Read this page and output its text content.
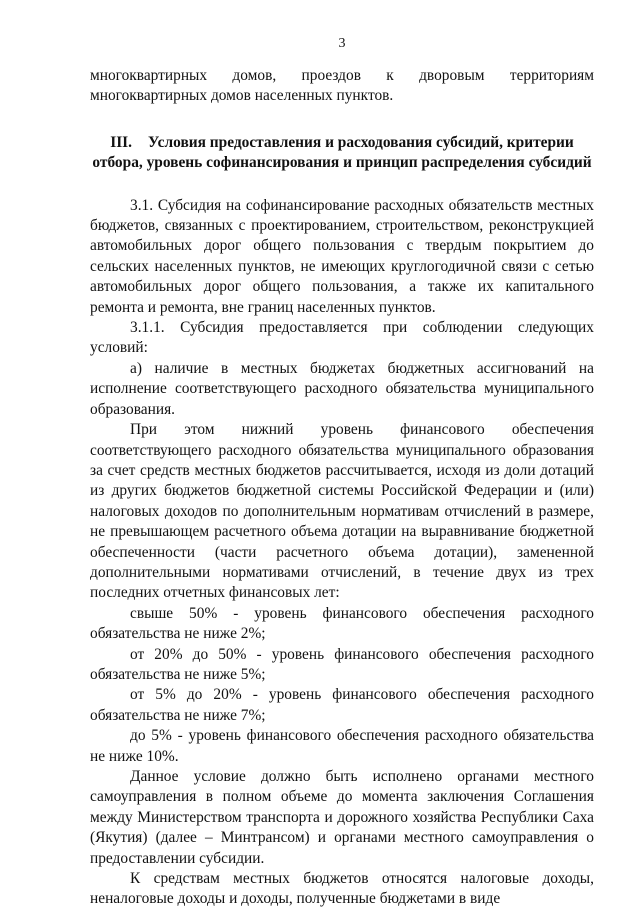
3

многоквартирных домов, проездов к дворовым территориям многоквартирных домов населенных пунктов.

III. Условия предоставления и расходования субсидий, критерии отбора, уровень софинансирования и принцип распределения субсидий

3.1. Субсидия на софинансирование расходных обязательств местных бюджетов, связанных с проектированием, строительством, реконструкцией автомобильных дорог общего пользования с твердым покрытием до сельских населенных пунктов, не имеющих круглогодичной связи с сетью автомобильных дорог общего пользования, а также их капитального ремонта и ремонта, вне границ населенных пунктов.

3.1.1. Субсидия предоставляется при соблюдении следующих условий:

а) наличие в местных бюджетах бюджетных ассигнований на исполнение соответствующего расходного обязательства муниципального образования.

При этом нижний уровень финансового обеспечения соответствующего расходного обязательства муниципального образования за счет средств местных бюджетов рассчитывается, исходя из доли дотаций из других бюджетов бюджетной системы Российской Федерации и (или) налоговых доходов по дополнительным нормативам отчислений в размере, не превышающем расчетного объема дотации на выравнивание бюджетной обеспеченности (части расчетного объема дотации), замененной дополнительными нормативами отчислений, в течение двух из трех последних отчетных финансовых лет:

свыше 50% - уровень финансового обеспечения расходного обязательства не ниже 2%;

от 20% до 50% - уровень финансового обеспечения расходного обязательства не ниже 5%;

от 5% до 20% - уровень финансового обеспечения расходного обязательства не ниже 7%;

до 5% - уровень финансового обеспечения расходного обязательства не ниже 10%.

Данное условие должно быть исполнено органами местного самоуправления в полном объеме до момента заключения Соглашения между Министерством транспорта и дорожного хозяйства Республики Саха (Якутия) (далее – Минтрансом) и органами местного самоуправления о предоставлении субсидии.

К средствам местных бюджетов относятся налоговые доходы, неналоговые доходы и доходы, полученные бюджетами в виде
